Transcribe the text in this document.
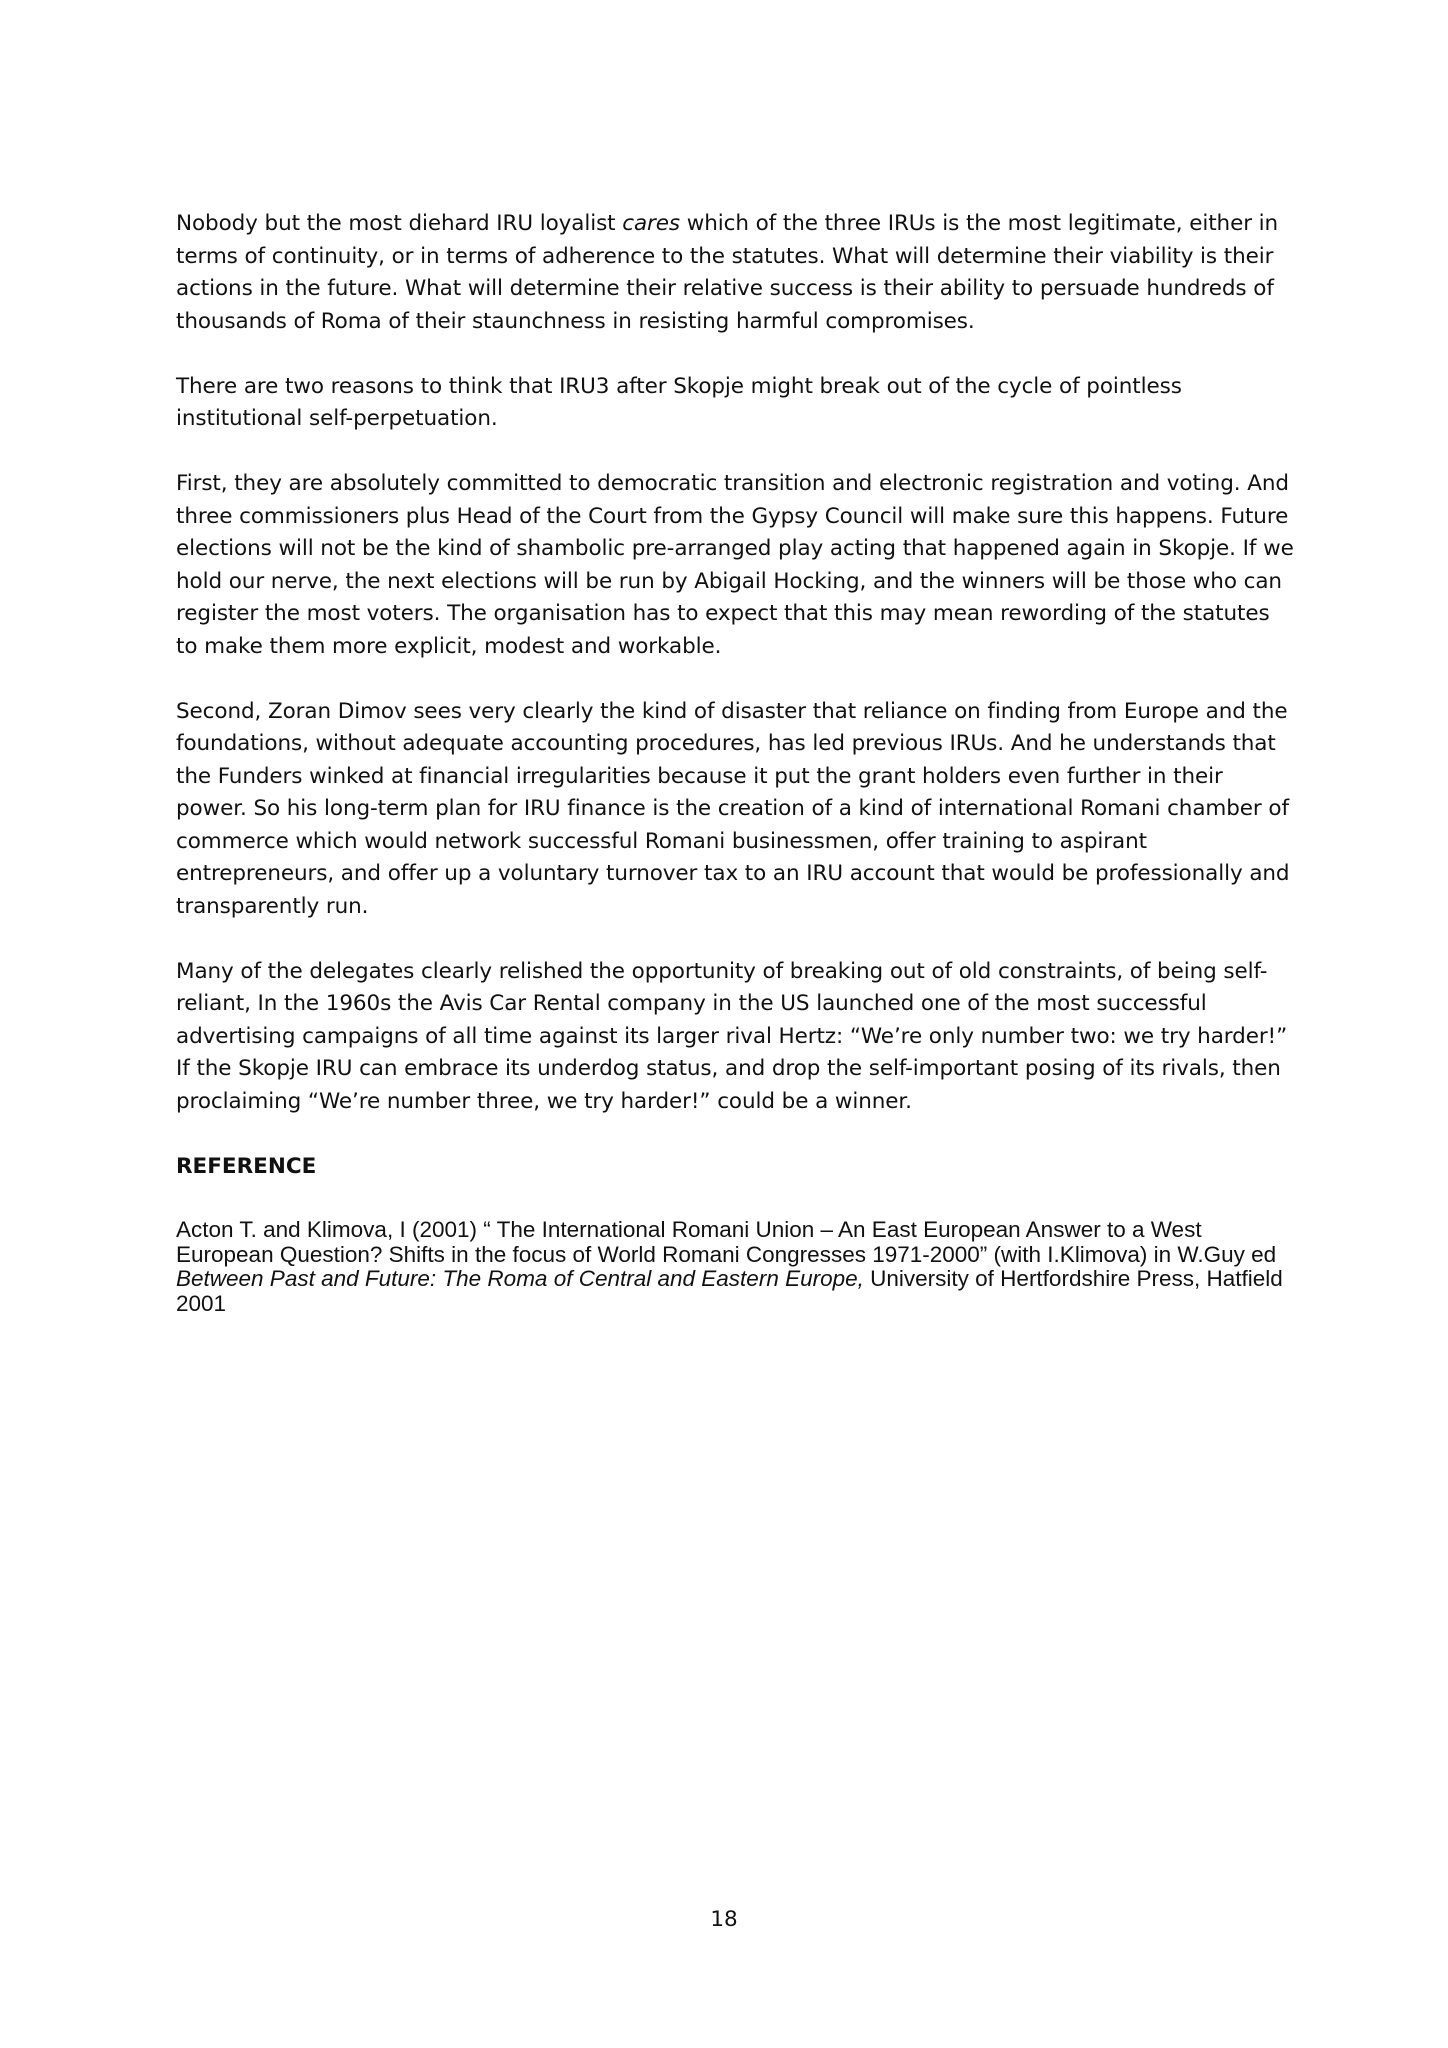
Nobody but the most diehard IRU loyalist cares which of the three IRUs is the most legitimate, either in terms of continuity, or in terms of adherence to the statutes. What will determine their viability is their actions in the future. What will determine their relative success is their ability to persuade hundreds of thousands of Roma of their staunchness in resisting harmful compromises.

There are two reasons to think that IRU3 after Skopje might break out of the cycle of pointless institutional self-perpetuation.

First, they are absolutely committed to democratic transition and electronic registration and voting. And three commissioners plus Head of the Court from the Gypsy Council will make sure this happens. Future elections will not be the kind of shambolic pre-arranged play acting that happened again in Skopje. If we hold our nerve, the next elections will be run by Abigail Hocking, and the winners will be those who can register the most voters. The organisation has to expect that this may mean rewording of the statutes to make them more explicit, modest and workable.

Second, Zoran Dimov sees very clearly the kind of disaster that reliance on finding from Europe and the foundations, without adequate accounting procedures, has led previous IRUs. And he understands that the Funders winked at financial irregularities because it put the grant holders even further in their power. So his long-term plan for IRU finance is the creation of a kind of international Romani chamber of commerce which would network successful Romani businessmen, offer training to aspirant entrepreneurs, and offer up a voluntary turnover tax to an IRU account that would be professionally and transparently run.

Many of the delegates clearly relished the opportunity of breaking out of old constraints, of being self-reliant, In the 1960s the Avis Car Rental company in the US launched one of the most successful advertising campaigns of all time against its larger rival Hertz: “We’re only number two: we try harder!” If the Skopje IRU can embrace its underdog status, and drop the self-important posing of its rivals, then proclaiming “We’re number three, we try harder!” could be a winner.

REFERENCE

Acton T. and Klimova, I (2001) “ The International Romani Union – An East European Answer to a West European Question? Shifts in the focus of World Romani Congresses 1971-2000” (with I.Klimova) in W.Guy ed Between Past and Future: The Roma of Central and Eastern Europe, University of Hertfordshire Press, Hatfield 2001

18
